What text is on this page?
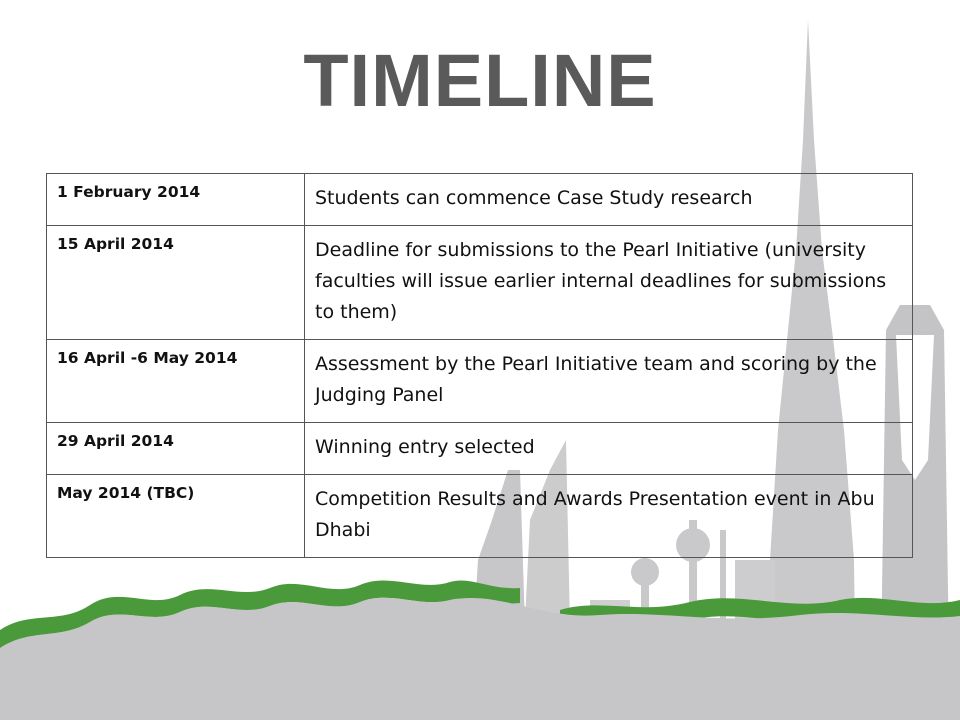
TIMELINE
1 February 2014	Students can commence Case Study research
15 April 2014	Deadline for submissions to the Pearl Initiative (university faculties will issue earlier internal deadlines for submissions to them)
16 April -6 May 2014	Assessment by the Pearl Initiative team and scoring by the Judging Panel
29 April 2014	Winning entry selected
May 2014 (TBC)	Competition Results and Awards Presentation event in Abu Dhabi
